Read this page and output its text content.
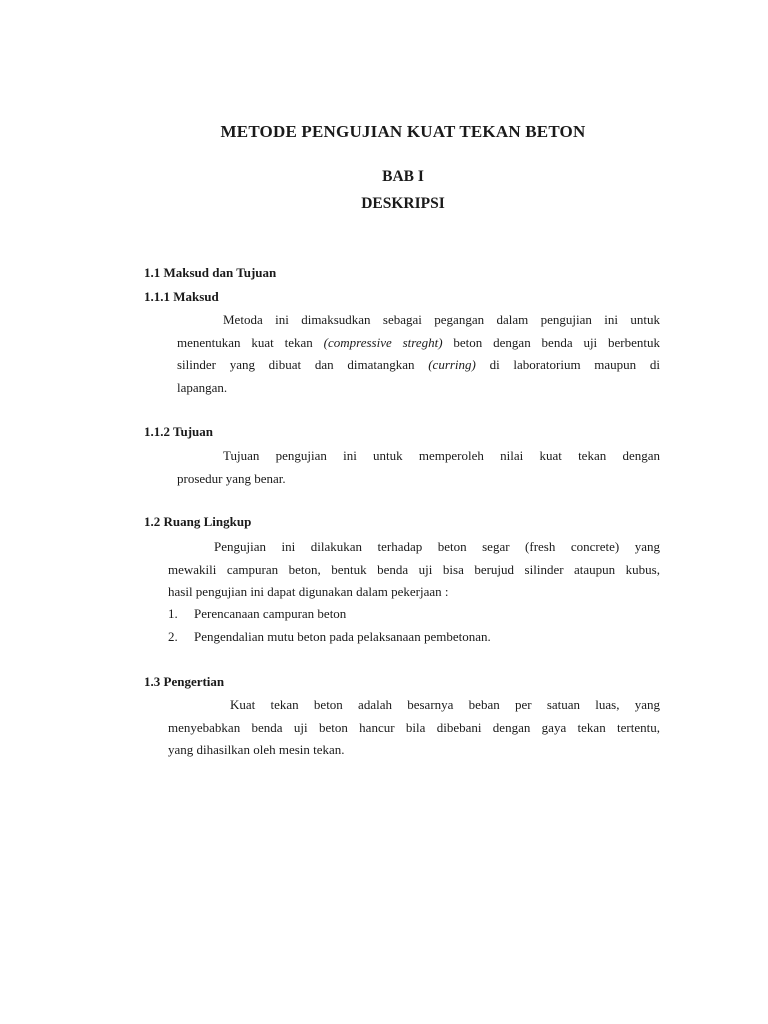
METODE PENGUJIAN KUAT TEKAN BETON
BAB I
DESKRIPSI

1.1 Maksud dan Tujuan

1.1.1 Maksud

Metoda ini dimaksudkan sebagai pegangan dalam pengujian ini untuk
menentukan kuat tekan (compressive streght) beton dengan benda uji berbentuk
silinder yang dibuat dan dimatangkan (curring) di laboratorium maupun di
lapangan.

1.1.2 Tujuan

Tujuan pengujian ini untuk memperoleh nilai kuat tekan dengan
prosedur yang benar.

1.2 Ruang Lingkup

Pengujian ini dilakukan terhadap beton segar (fresh concrete) yang
mewakili campuran beton, bentuk benda uji bisa berujud silinder ataupun kubus,
hasil pengujian ini dapat digunakan dalam pekerjaan :

1. Perencanaan campuran beton

2. Pengendalian mutu beton pada pelaksanaan pembetonan.

1.3 Pengertian

Kuat tekan beton adalah besarnya beban per satuan luas, yang
menyebabkan benda uji beton hancur bila dibebani dengan gaya tekan tertentu,
yang dihasilkan oleh mesin tekan.
